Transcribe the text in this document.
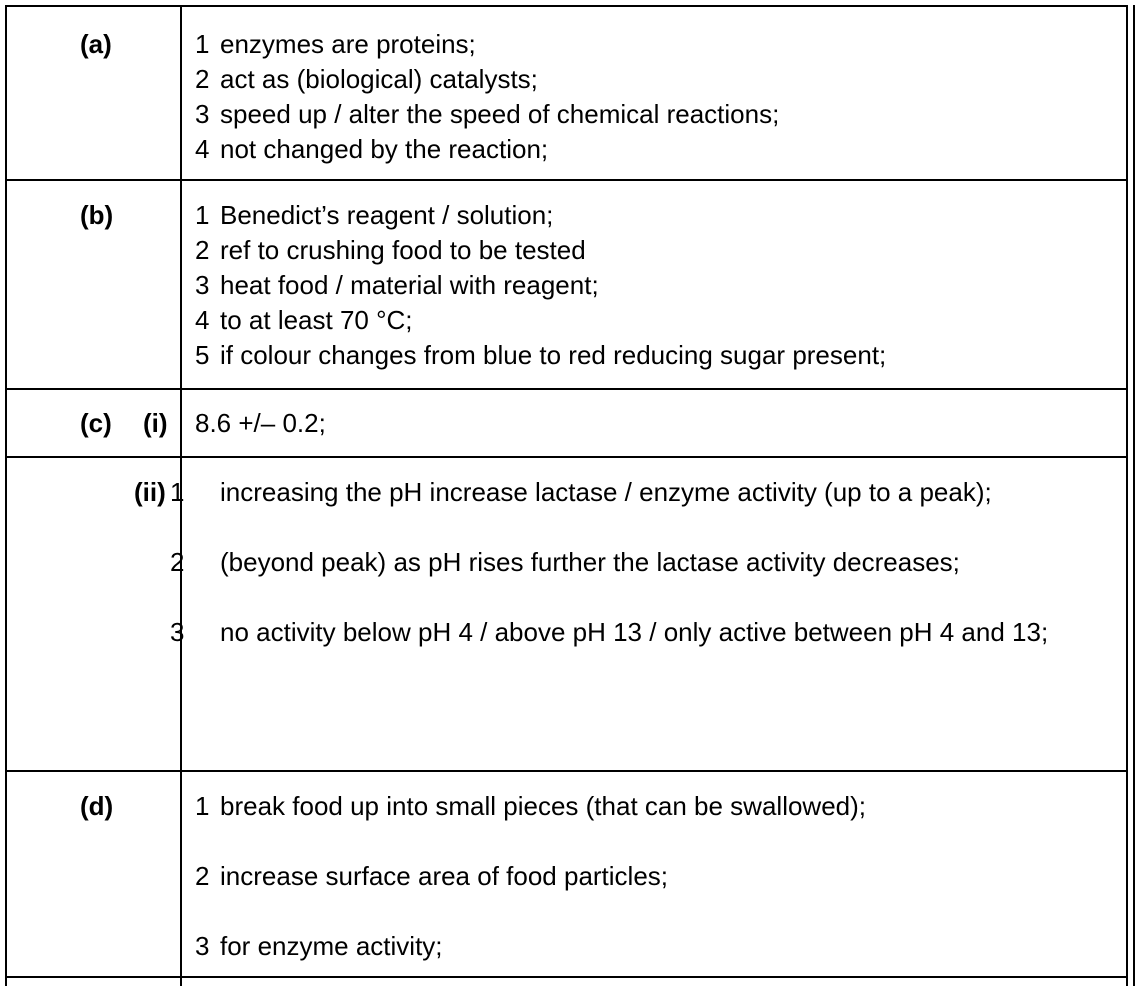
(a)	1 enzymes are proteins;
2 act as (biological) catalysts;
3 speed up / alter the speed of chemical reactions;
4 not changed by the reaction;
(b)	1 Benedict’s reagent / solution;
2 ref to crushing food to be tested
3 heat food / material with reagent;
4 to at least 70 °C;
5 if colour changes from blue to red reducing sugar present;
(c) (i) 8.6 +/– 0.2;
(ii) 1 increasing the pH increase lactase / enzyme activity (up to a peak);
2 (beyond peak) as pH rises further the lactase activity decreases;
3 no activity below pH 4 / above pH 13 / only active between pH 4 and 13;
(d)	1 break food up into small pieces (that can be swallowed);
2 increase surface area of food particles;
3 for enzyme activity;
